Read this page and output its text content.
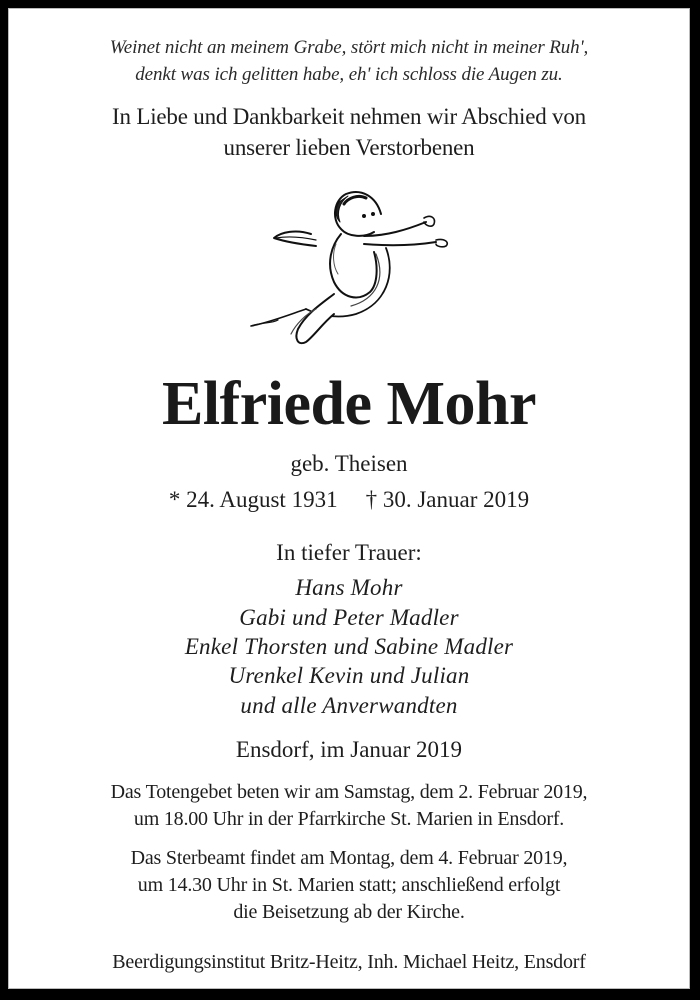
Weinet nicht an meinem Grabe, stört mich nicht in meiner Ruh',
denkt was ich gelitten habe, eh' ich schloss die Augen zu.
In Liebe und Dankbarkeit nehmen wir Abschied von
unserer lieben Verstorbenen
Elfriede Mohr
geb. Theisen
* 24. August 1931 † 30. Januar 2019
In tiefer Trauer:
Hans Mohr
Gabi und Peter Madler
Enkel Thorsten und Sabine Madler
Urenkel Kevin und Julian
und alle Anverwandten
Ensdorf, im Januar 2019
Das Totengebet beten wir am Samstag, dem 2. Februar 2019,
um 18.00 Uhr in der Pfarrkirche St. Marien in Ensdorf.
Das Sterbeamt findet am Montag, dem 4. Februar 2019,
um 14.30 Uhr in St. Marien statt; anschließend erfolgt
die Beisetzung ab der Kirche.
Beerdigungsinstitut Britz-Heitz, Inh. Michael Heitz, Ensdorf
